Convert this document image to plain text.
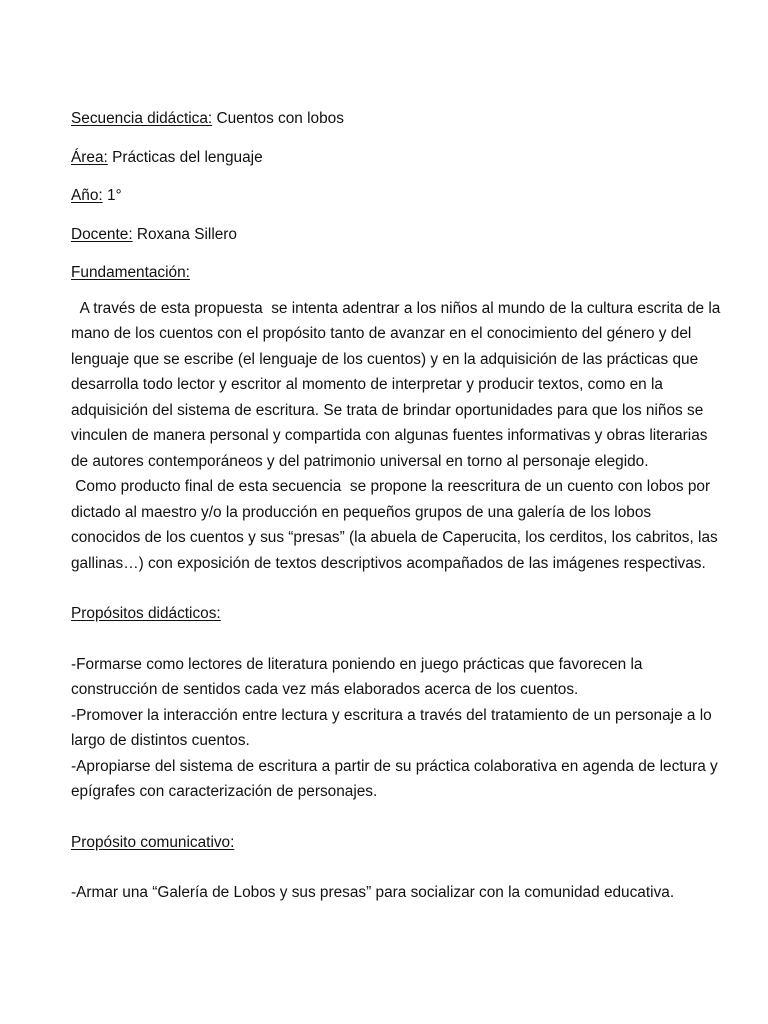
Secuencia didáctica: Cuentos con lobos

Área: Prácticas del lenguaje

Año: 1°

Docente: Roxana Sillero

Fundamentación:

A través de esta propuesta  se intenta adentrar a los niños al mundo de la cultura escrita de la mano de los cuentos con el propósito tanto de avanzar en el conocimiento del género y del lenguaje que se escribe (el lenguaje de los cuentos) y en la adquisición de las prácticas que desarrolla todo lector y escritor al momento de interpretar y producir textos, como en la adquisición del sistema de escritura. Se trata de brindar oportunidades para que los niños se vinculen de manera personal y compartida con algunas fuentes informativas y obras literarias de autores contemporáneos y del patrimonio universal en torno al personaje elegido.

Como producto final de esta secuencia  se propone la reescritura de un cuento con lobos por dictado al maestro y/o la producción en pequeños grupos de una galería de los lobos conocidos de los cuentos y sus “presas” (la abuela de Caperucita, los cerditos, los cabritos, las gallinas…) con exposición de textos descriptivos acompañados de las imágenes respectivas.

Propósitos didácticos:

-Formarse como lectores de literatura poniendo en juego prácticas que favorecen la construcción de sentidos cada vez más elaborados acerca de los cuentos.

-Promover la interacción entre lectura y escritura a través del tratamiento de un personaje a lo largo de distintos cuentos.

-Apropiarse del sistema de escritura a partir de su práctica colaborativa en agenda de lectura y epígrafes con caracterización de personajes.

Propósito comunicativo:

-Armar una “Galería de Lobos y sus presas” para socializar con la comunidad educativa.
